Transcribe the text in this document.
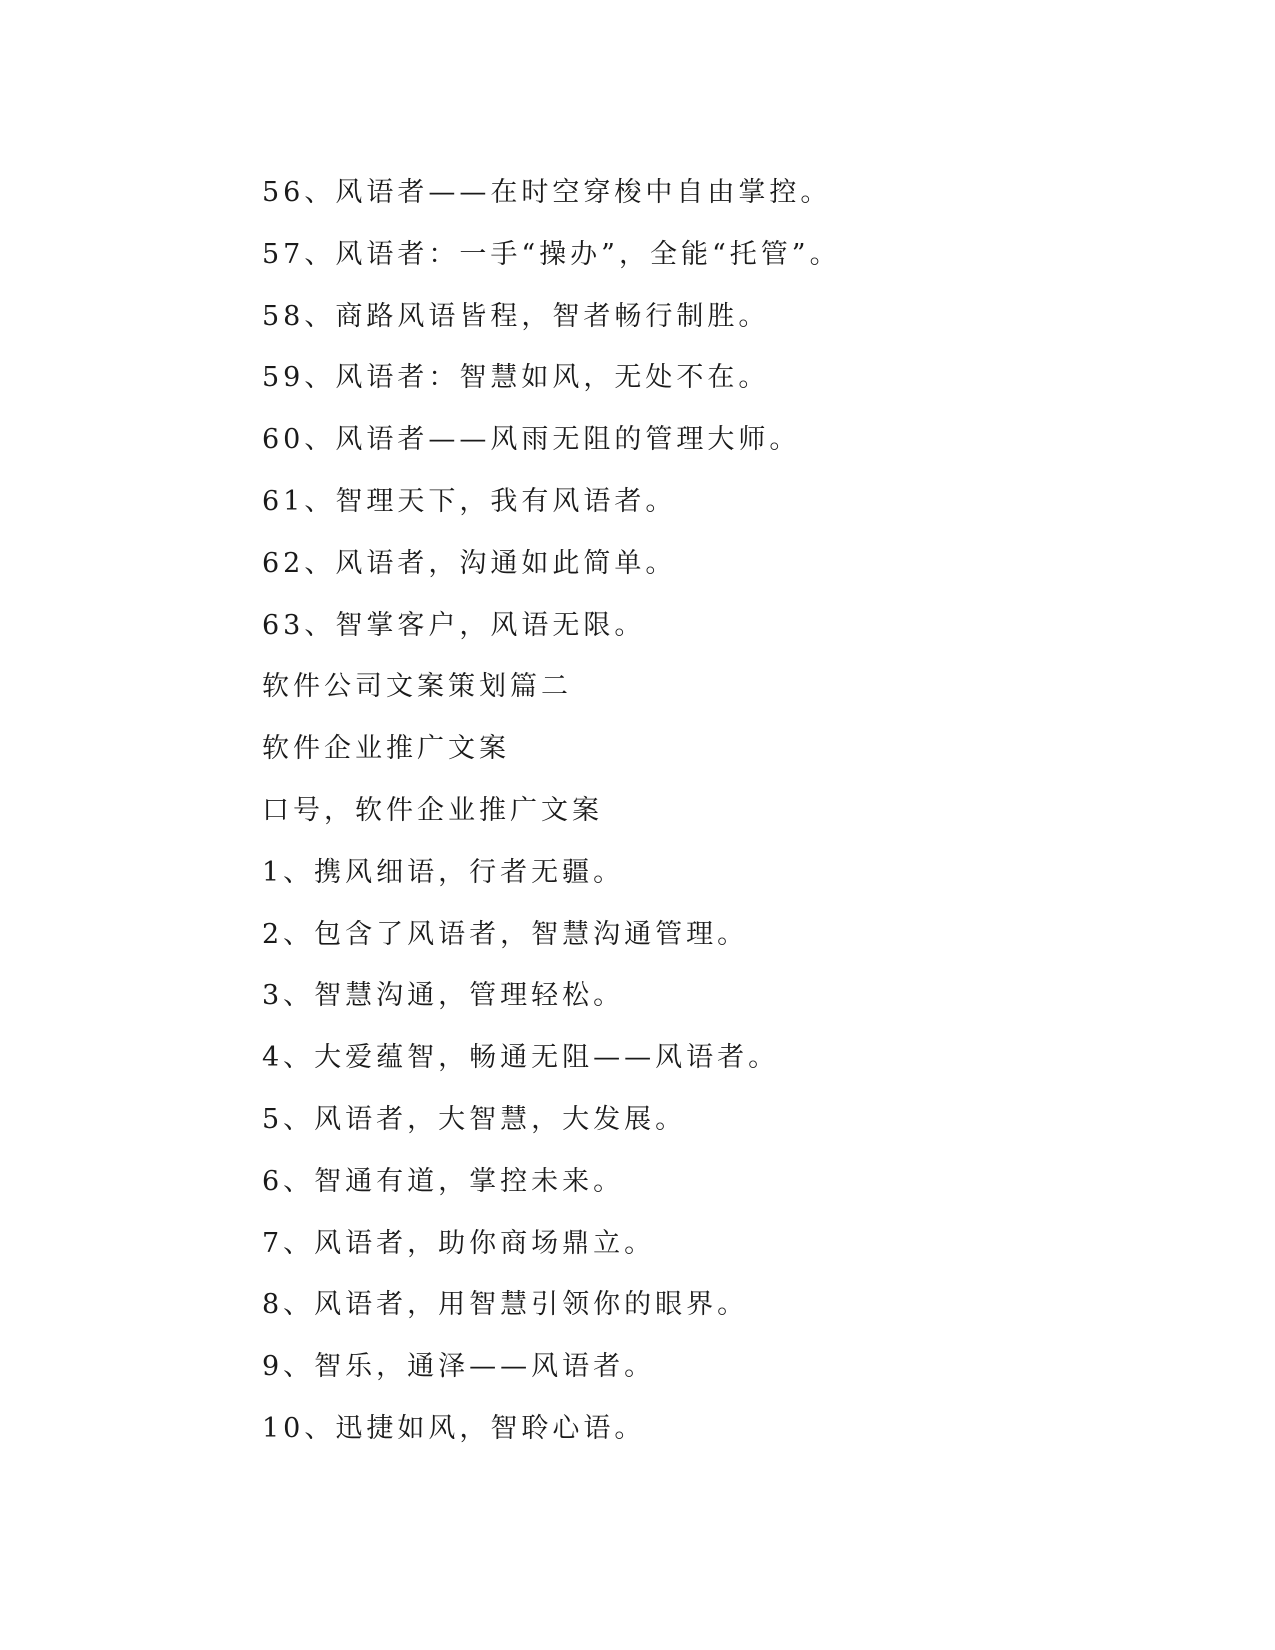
56、风语者——在时空穿梭中自由掌控。
57、风语者：一手“操办”，全能“托管”。
58、商路风语皆程，智者畅行制胜。
59、风语者：智慧如风，无处不在。
60、风语者——风雨无阻的管理大师。
61、智理天下，我有风语者。
62、风语者，沟通如此简单。
63、智掌客户，风语无限。
软件公司文案策划篇二
软件企业推广文案
口号，软件企业推广文案
1、携风细语，行者无疆。
2、包含了风语者，智慧沟通管理。
3、智慧沟通，管理轻松。
4、大爱蕴智，畅通无阻——风语者。
5、风语者，大智慧，大发展。
6、智通有道，掌控未来。
7、风语者，助你商场鼎立。
8、风语者，用智慧引领你的眼界。
9、智乐，通泽——风语者。
10、迅捷如风，智聆心语。
